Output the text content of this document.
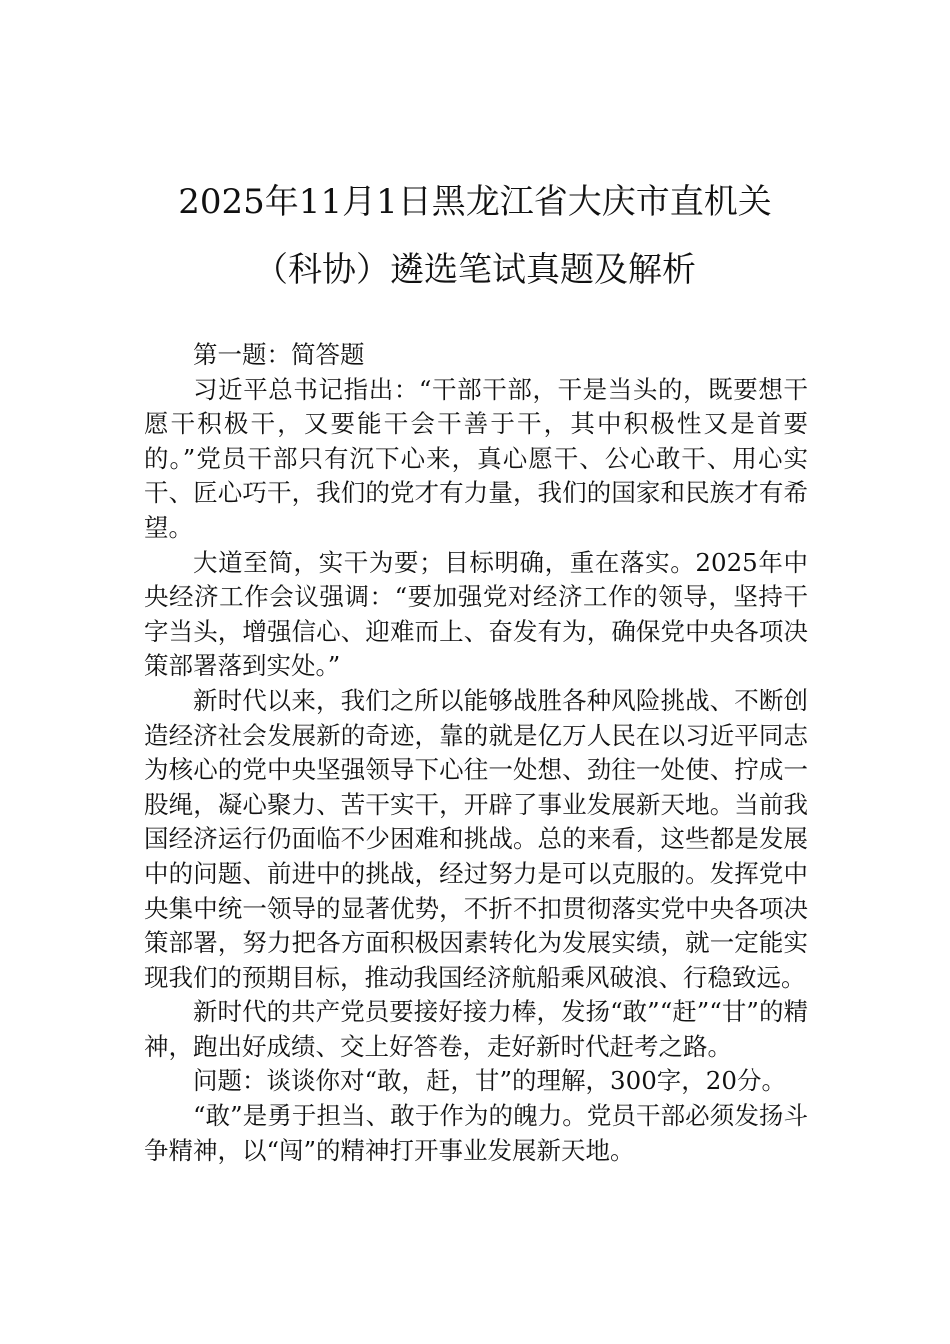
2025年11月1日黑龙江省大庆市直机关
（科协）遴选笔试真题及解析

第一题：简答题

习近平总书记指出：“干部干部，干是当头的，既要想干愿干积极干，又要能干会干善于干，其中积极性又是首要的。”党员干部只有沉下心来，真心愿干、公心敢干、用心实干、匠心巧干，我们的党才有力量，我们的国家和民族才有希望。

大道至简，实干为要；目标明确，重在落实。2025年中央经济工作会议强调：“要加强党对经济工作的领导，坚持干字当头，增强信心、迎难而上、奋发有为，确保党中央各项决策部署落到实处。”

新时代以来，我们之所以能够战胜各种风险挑战、不断创造经济社会发展新的奇迹，靠的就是亿万人民在以习近平同志为核心的党中央坚强领导下心往一处想、劲往一处使、拧成一股绳，凝心聚力、苦干实干，开辟了事业发展新天地。当前我国经济运行仍面临不少困难和挑战。总的来看，这些都是发展中的问题、前进中的挑战，经过努力是可以克服的。发挥党中央集中统一领导的显著优势，不折不扣贯彻落实党中央各项决策部署，努力把各方面积极因素转化为发展实绩，就一定能实现我们的预期目标，推动我国经济航船乘风破浪、行稳致远。

新时代的共产党员要接好接力棒，发扬“敢”“赶”“甘”的精神，跑出好成绩、交上好答卷，走好新时代赶考之路。

问题：谈谈你对“敢，赶，甘”的理解，300字，20分。

“敢”是勇于担当、敢于作为的魄力。党员干部必须发扬斗争精神，以“闯”的精神打开事业发展新天地。
